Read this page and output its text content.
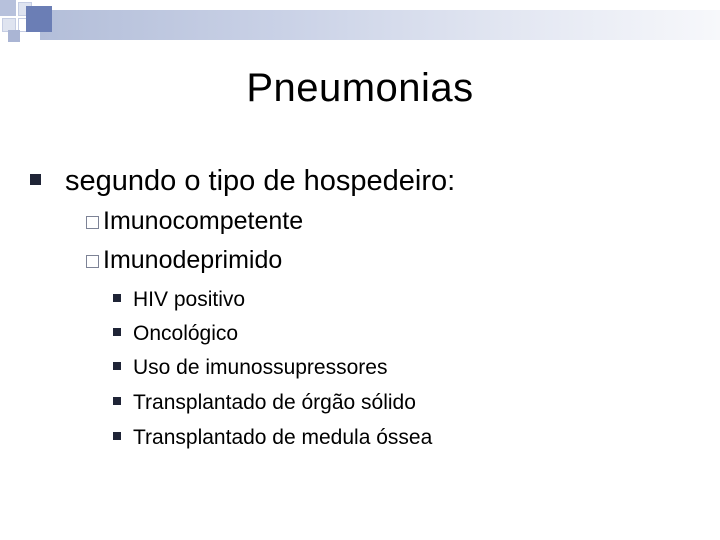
Pneumonias
segundo o tipo de hospedeiro:
Imunocompetente
Imunodeprimido
HIV positivo
Oncológico
Uso de imunossupressores
Transplantado de órgão sólido
Transplantado de medula óssea
